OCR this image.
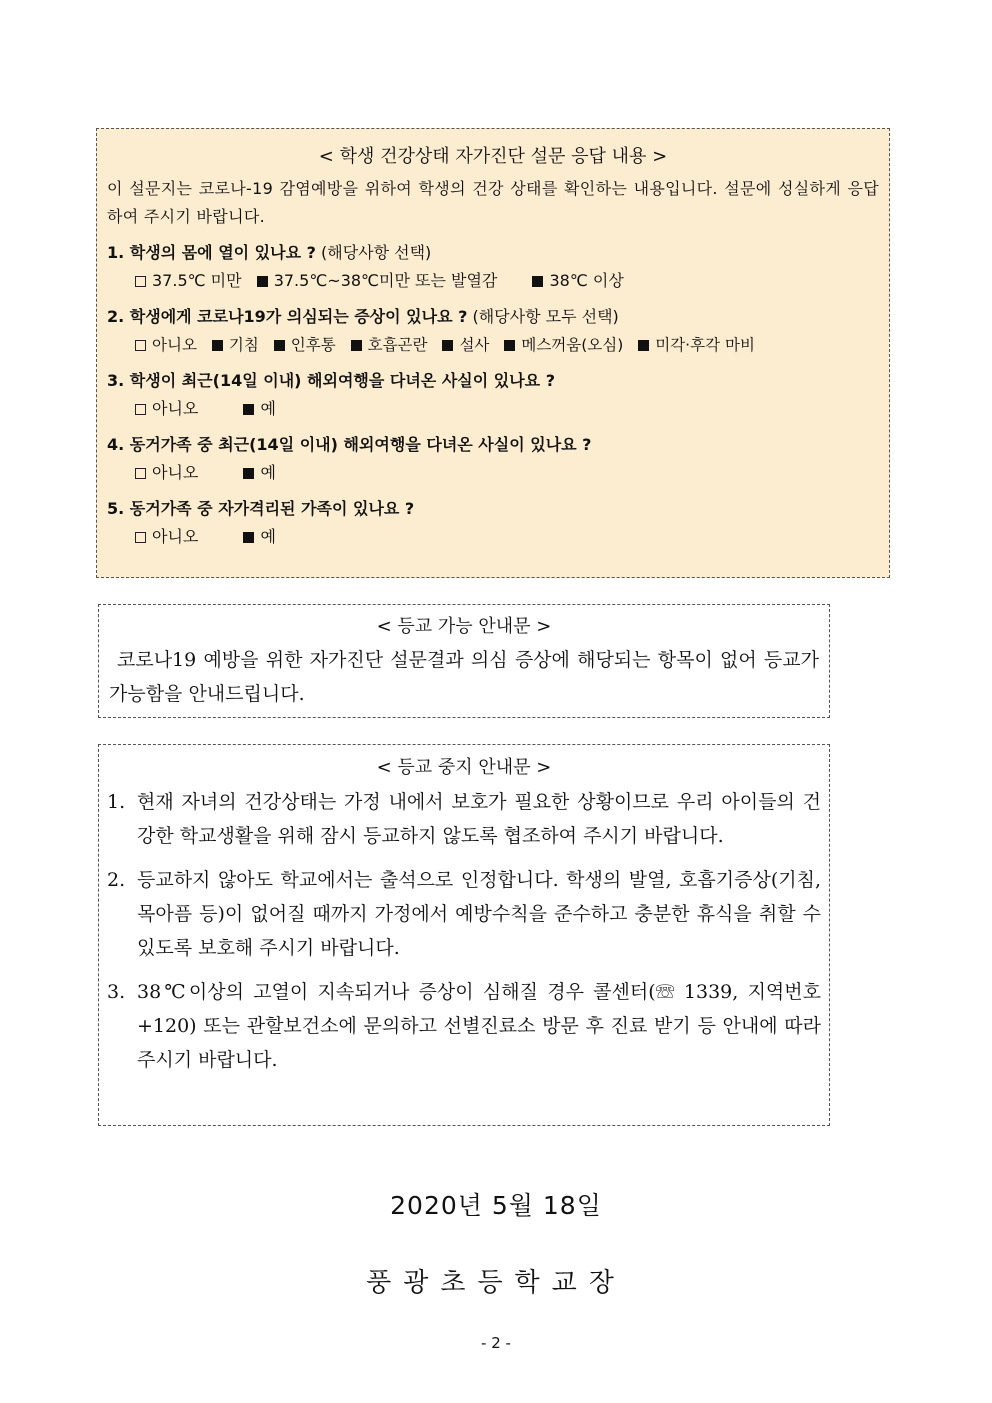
< 학생 건강상태 자가진단 설문 응답 내용 >

이 설문지는 코로나-19 감염예방을 위하여 학생의 건강 상태를 확인하는 내용입니다. 설문에 성실하게 응답하여 주시기 바랍니다.

1. 학생의 몸에 열이 있나요 ? (해당사항 선택)
37.5℃ 미만 37.5℃~38℃미만 또는 발열감	38℃ 이상
2. 학생에게 코로나19가 의심되는 증상이 있나요 ? (해당사항 모두 선택)
아니오 기침 인후통 호흡곤란 설사 메스꺼움(오심) 미각·후각 마비
3. 학생이 최근(14일 이내) 해외여행을 다녀온 사실이 있나요 ?
아니오	예
4. 동거가족 중 최근(14일 이내) 해외여행을 다녀온 사실이 있나요 ?
아니오	예
5. 동거가족 중 자가격리된 가족이 있나요 ?
아니오	예
< 등교 가능 안내문 >

코로나19 예방을 위한 자가진단 설문결과 의심 증상에 해당되는 항목이 없어 등교가 가능함을 안내드립니다.

< 등교 중지 안내문 >
1. 현재 자녀의 건강상태는 가정 내에서 보호가 필요한 상황이므로 우리 아이들의 건강한 학교생활을 위해 잠시 등교하지 않도록 협조하여 주시기 바랍니다.
2. 등교하지 않아도 학교에서는 출석으로 인정합니다. 학생의 발열, 호흡기증상(기침, 목아픔 등)이 없어질 때까지 가정에서 예방수칙을 준수하고 충분한 휴식을 취할 수 있도록 보호해 주시기 바랍니다.
3. 38℃이상의 고열이 지속되거나 증상이 심해질 경우 콜센터(☏ 1339, 지역번호+120) 또는 관할보건소에 문의하고 선별진료소 방문 후 진료 받기 등 안내에 따라 주시기 바랍니다.
2020년 5월 18일
풍광초등학교장
- 2 -
